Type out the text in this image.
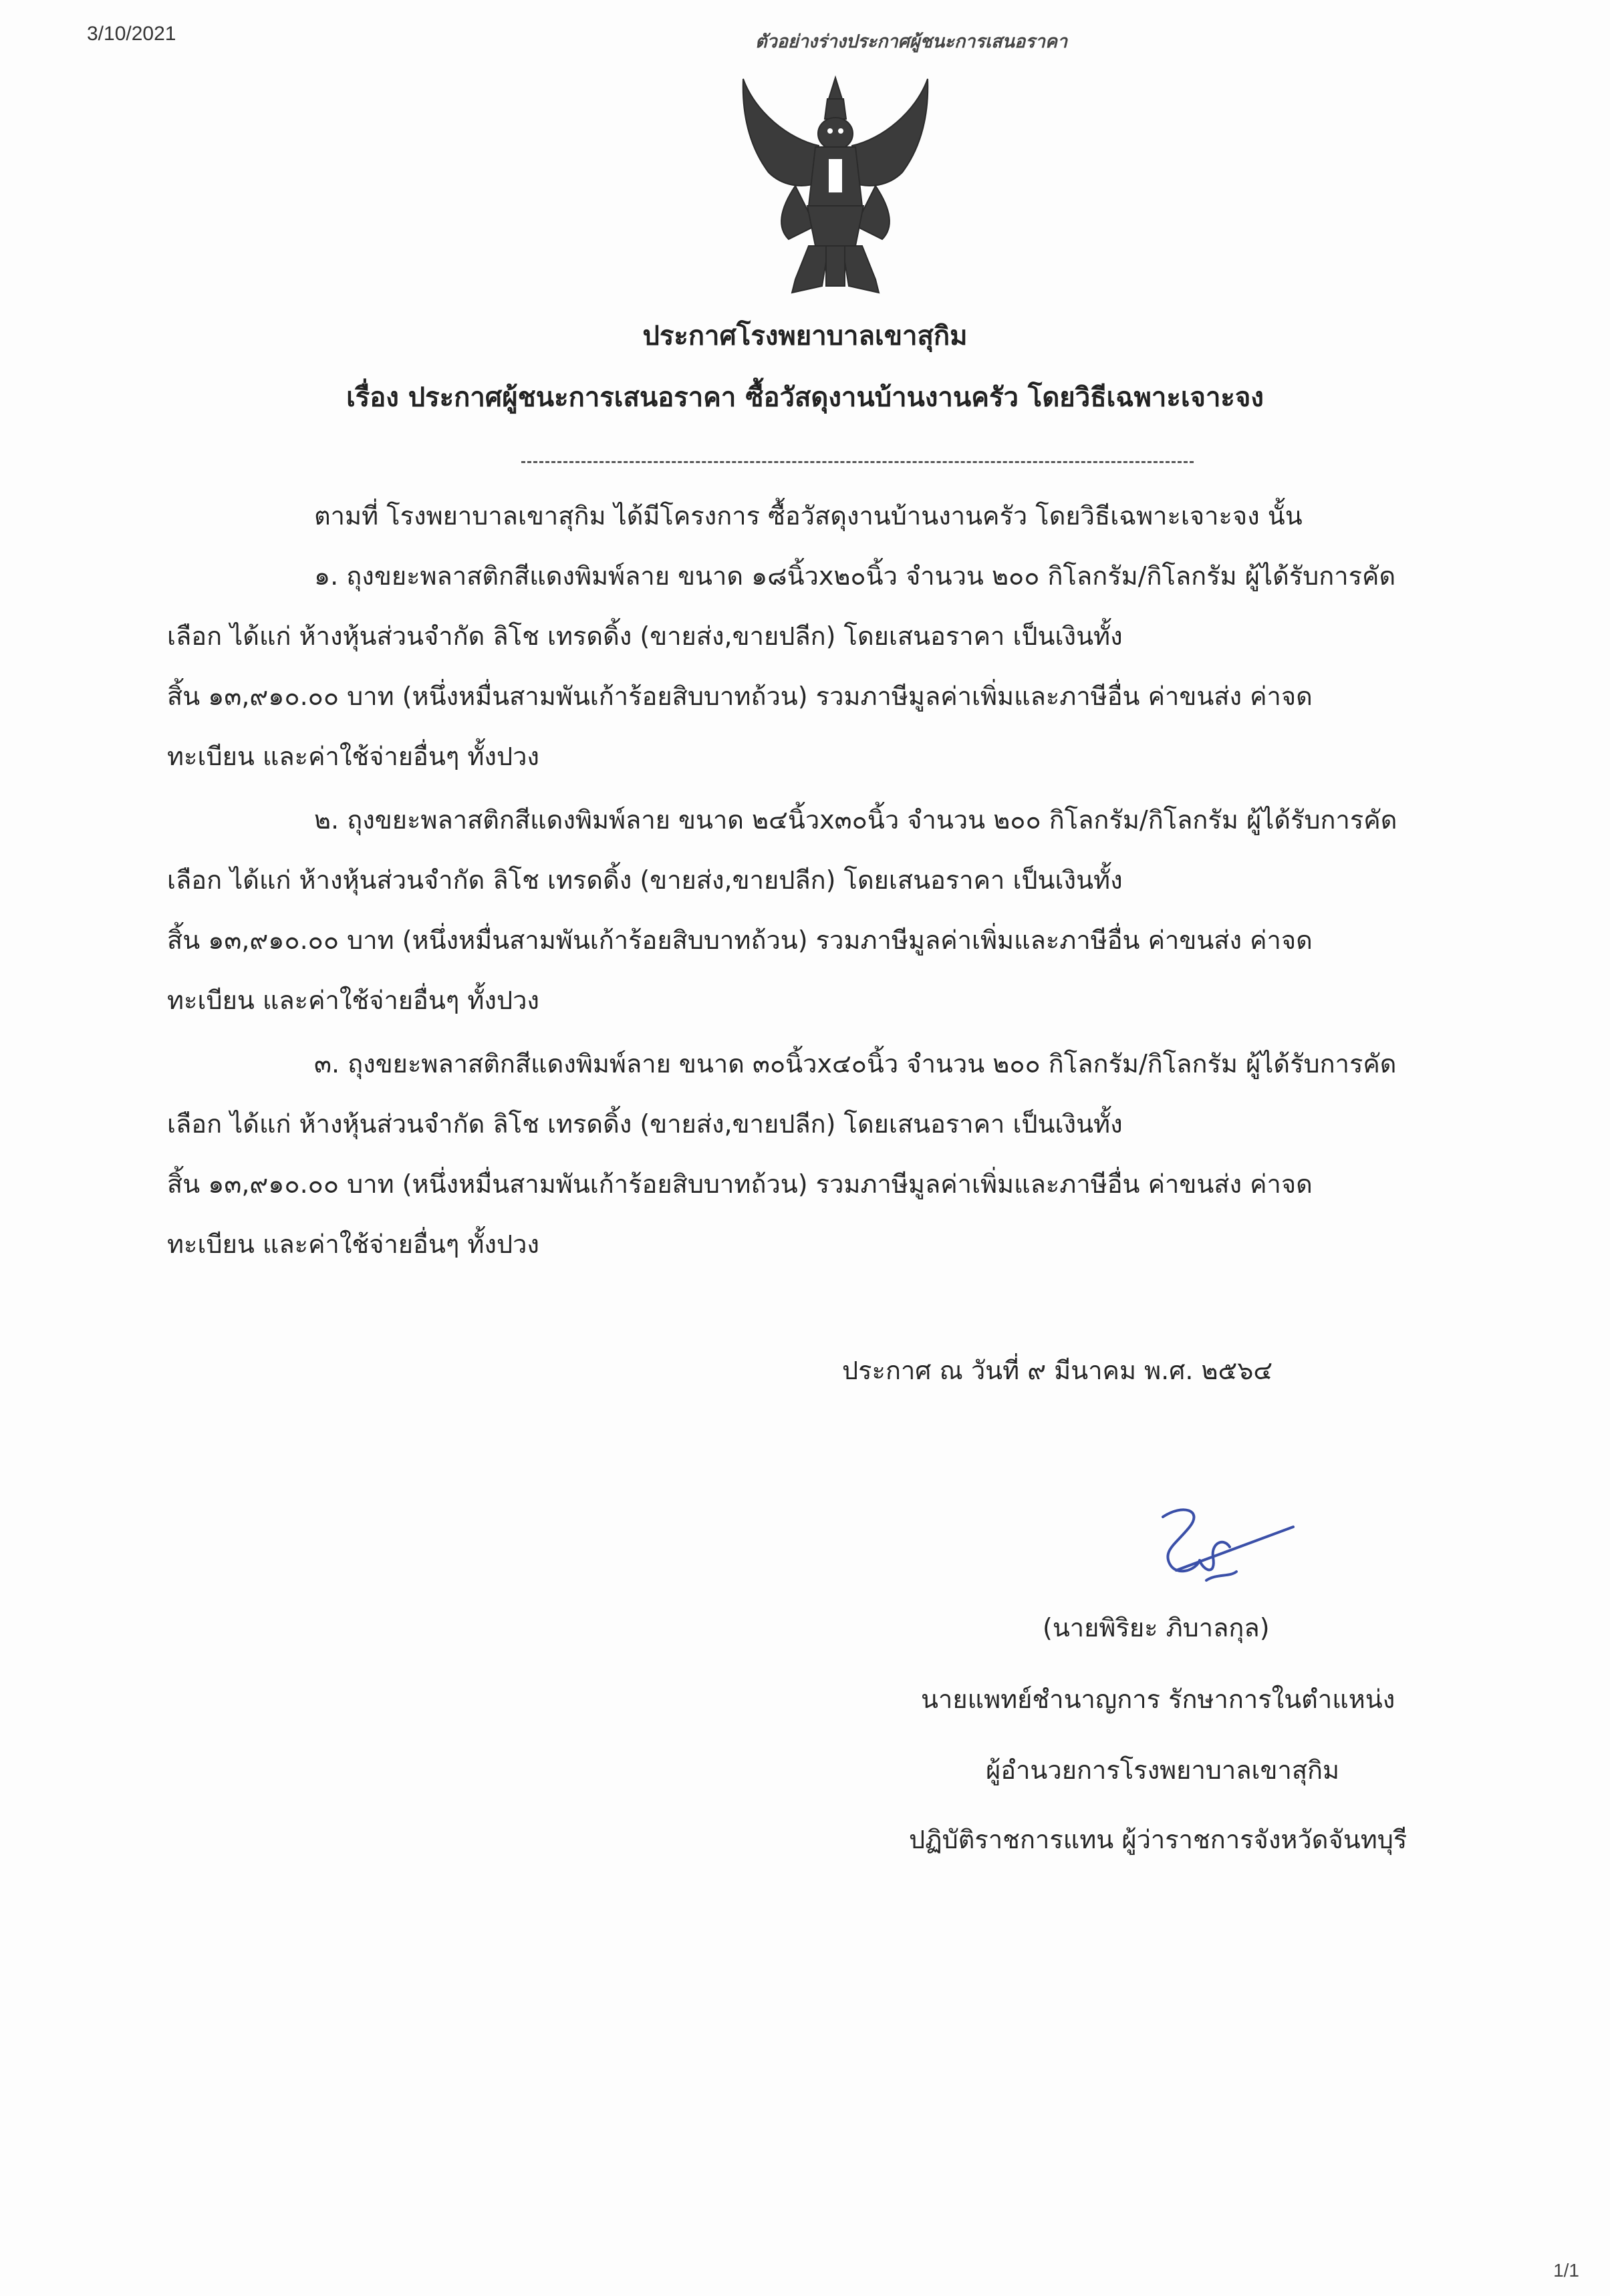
3/10/2021	ตัวอย่างร่างประกาศผู้ชนะการเสนอราคา
ประกาศโรงพยาบาลเขาสุกิม
เรื่อง ประกาศผู้ชนะการเสนอราคา ซื้อวัสดุงานบ้านงานครัว โดยวิธีเฉพาะเจาะจง
ตามที่ โรงพยาบาลเขาสุกิม ได้มีโครงการ ซื้อวัสดุงานบ้านงานครัว โดยวิธีเฉพาะเจาะจง นั้น
๑. ถุงขยะพลาสติกสีแดงพิมพ์ลาย ขนาด ๑๘นิ้วx๒๐นิ้ว จำนวน ๒๐๐ กิโลกรัม/กิโลกรัม ผู้ได้รับการคัด
เลือก ได้แก่ ห้างหุ้นส่วนจำกัด ลิโช เทรดดิ้ง (ขายส่ง,ขายปลีก) โดยเสนอราคา เป็นเงินทั้ง
สิ้น ๑๓,๙๑๐.๐๐ บาท (หนึ่งหมื่นสามพันเก้าร้อยสิบบาทถ้วน) รวมภาษีมูลค่าเพิ่มและภาษีอื่น ค่าขนส่ง ค่าจด
ทะเบียน และค่าใช้จ่ายอื่นๆ ทั้งปวง
๒. ถุงขยะพลาสติกสีแดงพิมพ์ลาย ขนาด ๒๔นิ้วx๓๐นิ้ว จำนวน ๒๐๐ กิโลกรัม/กิโลกรัม ผู้ได้รับการคัด
เลือก ได้แก่ ห้างหุ้นส่วนจำกัด ลิโช เทรดดิ้ง (ขายส่ง,ขายปลีก) โดยเสนอราคา เป็นเงินทั้ง
สิ้น ๑๓,๙๑๐.๐๐ บาท (หนึ่งหมื่นสามพันเก้าร้อยสิบบาทถ้วน) รวมภาษีมูลค่าเพิ่มและภาษีอื่น ค่าขนส่ง ค่าจด
ทะเบียน และค่าใช้จ่ายอื่นๆ ทั้งปวง
๓. ถุงขยะพลาสติกสีแดงพิมพ์ลาย ขนาด ๓๐นิ้วx๔๐นิ้ว จำนวน ๒๐๐ กิโลกรัม/กิโลกรัม ผู้ได้รับการคัด
เลือก ได้แก่ ห้างหุ้นส่วนจำกัด ลิโช เทรดดิ้ง (ขายส่ง,ขายปลีก) โดยเสนอราคา เป็นเงินทั้ง
สิ้น ๑๓,๙๑๐.๐๐ บาท (หนึ่งหมื่นสามพันเก้าร้อยสิบบาทถ้วน) รวมภาษีมูลค่าเพิ่มและภาษีอื่น ค่าขนส่ง ค่าจด
ทะเบียน และค่าใช้จ่ายอื่นๆ ทั้งปวง
ประกาศ ณ วันที่ ๙ มีนาคม พ.ศ. ๒๕๖๔
(นายพิริยะ ภิบาลกุล)
นายแพทย์ชำนาญการ รักษาการในตำแหน่ง
ผู้อำนวยการโรงพยาบาลเขาสุกิม
ปฏิบัติราชการแทน ผู้ว่าราชการจังหวัดจันทบุรี
1/1
